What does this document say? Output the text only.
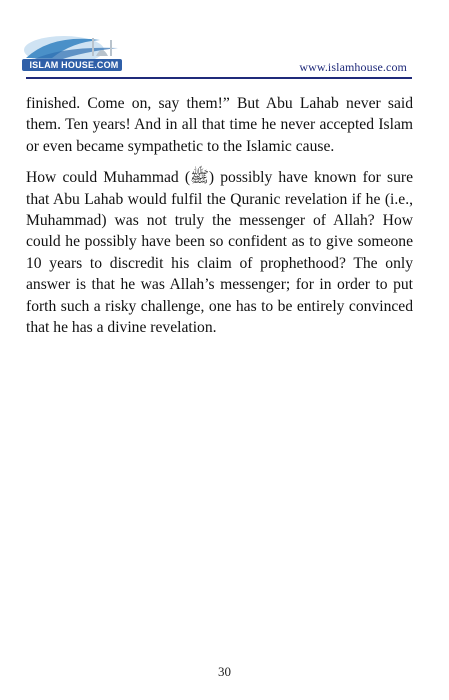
ISLAM HOUSE.COM	www.islamhouse.com

finished. Come on, say them!” But Abu Lahab never said them. Ten years! And in all that time he never accepted Islam or even became sympathetic to the Islamic cause.

How could Muhammad (ﷺ) possibly have known for sure that Abu Lahab would fulfil the Quranic revelation if he (i.e., Muhammad) was not truly the messenger of Allah? How could he possibly have been so confident as to give someone 10 years to discredit his claim of prophethood? The only answer is that he was Allah’s messenger; for in order to put forth such a risky challenge, one has to be entirely convinced that he has a divine revelation.

30
